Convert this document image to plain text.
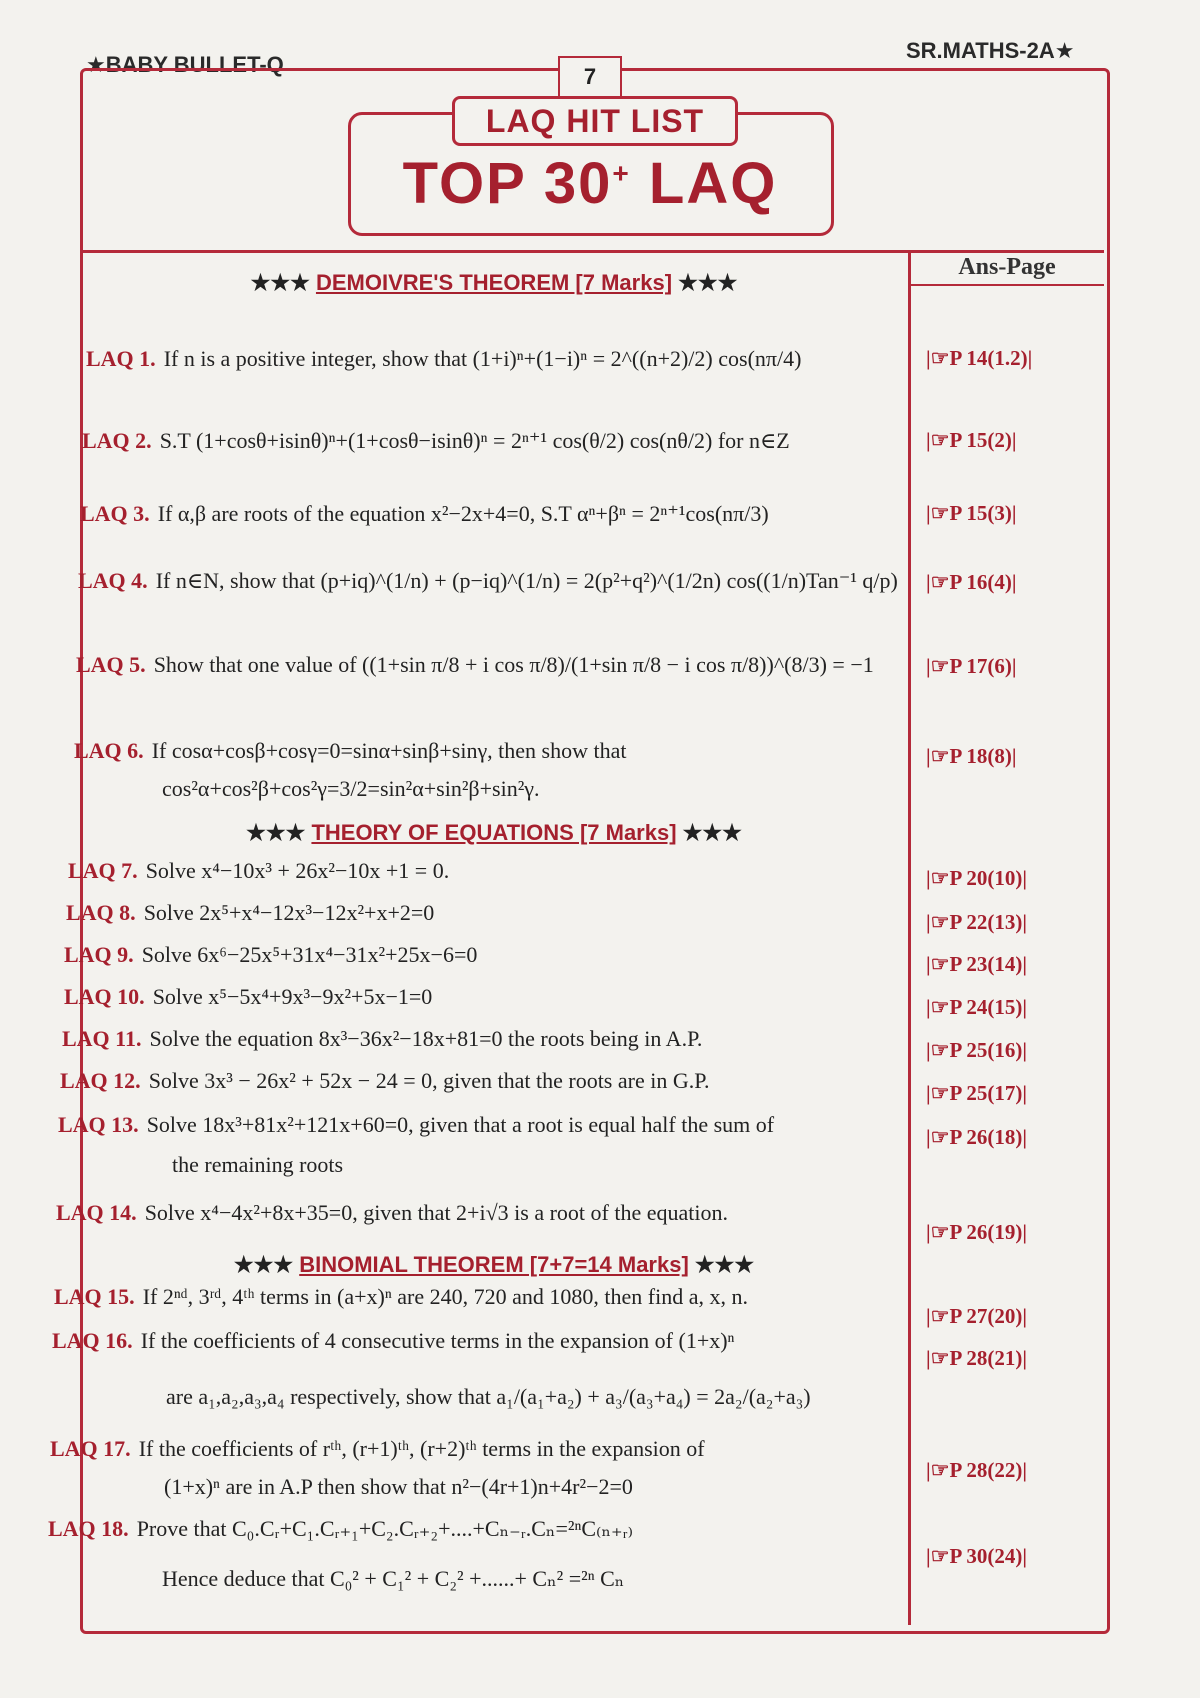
★BABY BULLET-Q
SR.MATHS-2A★
7
LAQ HIT LIST
TOP 30+ LAQ
Ans-Page
★★★ DEMOIVRE'S THEOREM [7 Marks] ★★★
★★★ THEORY OF EQUATIONS [7 Marks] ★★★
★★★ BINOMIAL THEOREM [7+7=14 Marks] ★★★
LAQ 1. If n is a positive integer, show that (1+i)ⁿ+(1−i)ⁿ = 2^((n+2)/2) cos(nπ/4)	|☞P 14(1.2)|
LAQ 2. S.T (1+cosθ+isinθ)ⁿ+(1+cosθ−isinθ)ⁿ = 2ⁿ⁺¹ cos(θ/2) cos(nθ/2) for n∈Z	|☞P 15(2)|
LAQ 3. If α,β are roots of the equation x²−2x+4=0, S.T αⁿ+βⁿ = 2ⁿ⁺¹cos(nπ/3)	|☞P 15(3)|
LAQ 4. If n∈N, show that (p+iq)^(1/n) + (p−iq)^(1/n) = 2(p²+q²)^(1/2n) cos((1/n)Tan⁻¹ q/p) |☞P 16(4)|
LAQ 5. Show that one value of ((1+sin π/8 + i cos π/8)/(1+sin π/8 − i cos π/8))^(8/3) = −1 |☞P 17(6)|
LAQ 6. If cosα+cosβ+cosγ=0=sinα+sinβ+sinγ, then show that
cos²α+cos²β+cos²γ=3/2=sin²α+sin²β+sin²γ.
|☞P 18(8)|
LAQ 7. Solve x⁴−10x³ + 26x²−10x +1 = 0.	|☞P 20(10)|
LAQ 8. Solve 2x⁵+x⁴−12x³−12x²+x+2=0	|☞P 22(13)|
LAQ 9. Solve 6x⁶−25x⁵+31x⁴−31x²+25x−6=0	|☞P 23(14)|
LAQ 10. Solve x⁵−5x⁴+9x³−9x²+5x−1=0	|☞P 24(15)|
LAQ 11. Solve the equation 8x³−36x²−18x+81=0 the roots being in A.P.	|☞P 25(16)|
LAQ 12. Solve 3x³ − 26x² + 52x − 24 = 0, given that the roots are in G.P.	|☞P 25(17)|
LAQ 13. Solve 18x³+81x²+121x+60=0, given that a root is equal half the sum of
the remaining roots
|☞P 26(18)|
LAQ 14. Solve x⁴−4x²+8x+35=0, given that 2+i√3 is a root of the equation.
|☞P 26(19)|
LAQ 15. If 2ⁿᵈ, 3ʳᵈ, 4ᵗʰ terms in (a+x)ⁿ are 240, 720 and 1080, then find a, x, n.
|☞P 27(20)|
LAQ 16. If the coefficients of 4 consecutive terms in the expansion of (1+x)ⁿ
are a₁,a₂,a₃,a₄ respectively, show that a₁/(a₁+a₂) + a₃/(a₃+a₄) = 2a₂/(a₂+a₃)
|☞P 28(21)|
LAQ 17. If the coefficients of rᵗʰ, (r+1)ᵗʰ, (r+2)ᵗʰ terms in the expansion of
(1+x)ⁿ are in A.P then show that n²−(4r+1)n+4r²−2=0
|☞P 28(22)|
LAQ 18. Prove that C₀.Cᵣ+C₁.Cᵣ₊₁+C₂.Cᵣ₊₂+....+Cₙ₋ᵣ.Cₙ=²ⁿC₍ₙ₊ᵣ₎
Hence deduce that C₀² + C₁² + C₂² +......+ Cₙ² =²ⁿ Cₙ
|☞P 30(24)|
